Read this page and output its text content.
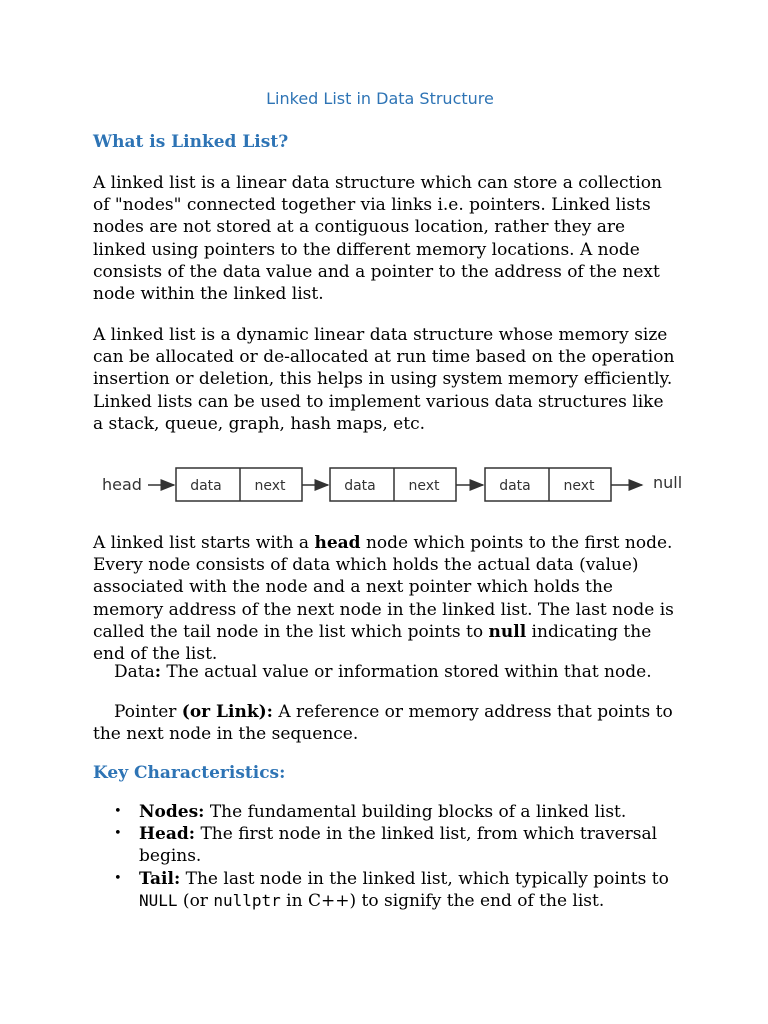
Linked List in Data Structure
What is Linked List?

A linked list is a linear data structure which can store a collection of "nodes" connected together via links i.e. pointers. Linked lists nodes are not stored at a contiguous location, rather they are linked using pointers to the different memory locations. A node consists of the data value and a pointer to the address of the next node within the linked list.

A linked list is a dynamic linear data structure whose memory size can be allocated or de-allocated at run time based on the operation insertion or deletion, this helps in using system memory efficiently. Linked lists can be used to implement various data structures like a stack, queue, graph, hash maps, etc.

head	data next	data next	data next	null

A linked list starts with a head node which points to the first node. Every node consists of data which holds the actual data (value) associated with the node and a next pointer which holds the memory address of the next node in the linked list. The last node is called the tail node in the list which points to null indicating the end of the list.

Data: The actual value or information stored within that node.

Pointer (or Link): A reference or memory address that points to the next node in the sequence.

Key Characteristics:
• Nodes: The fundamental building blocks of a linked list.
• Head: The first node in the linked list, from which traversal begins.
• Tail: The last node in the linked list, which typically points to NULL (or nullptr in C++) to signify the end of the list.
